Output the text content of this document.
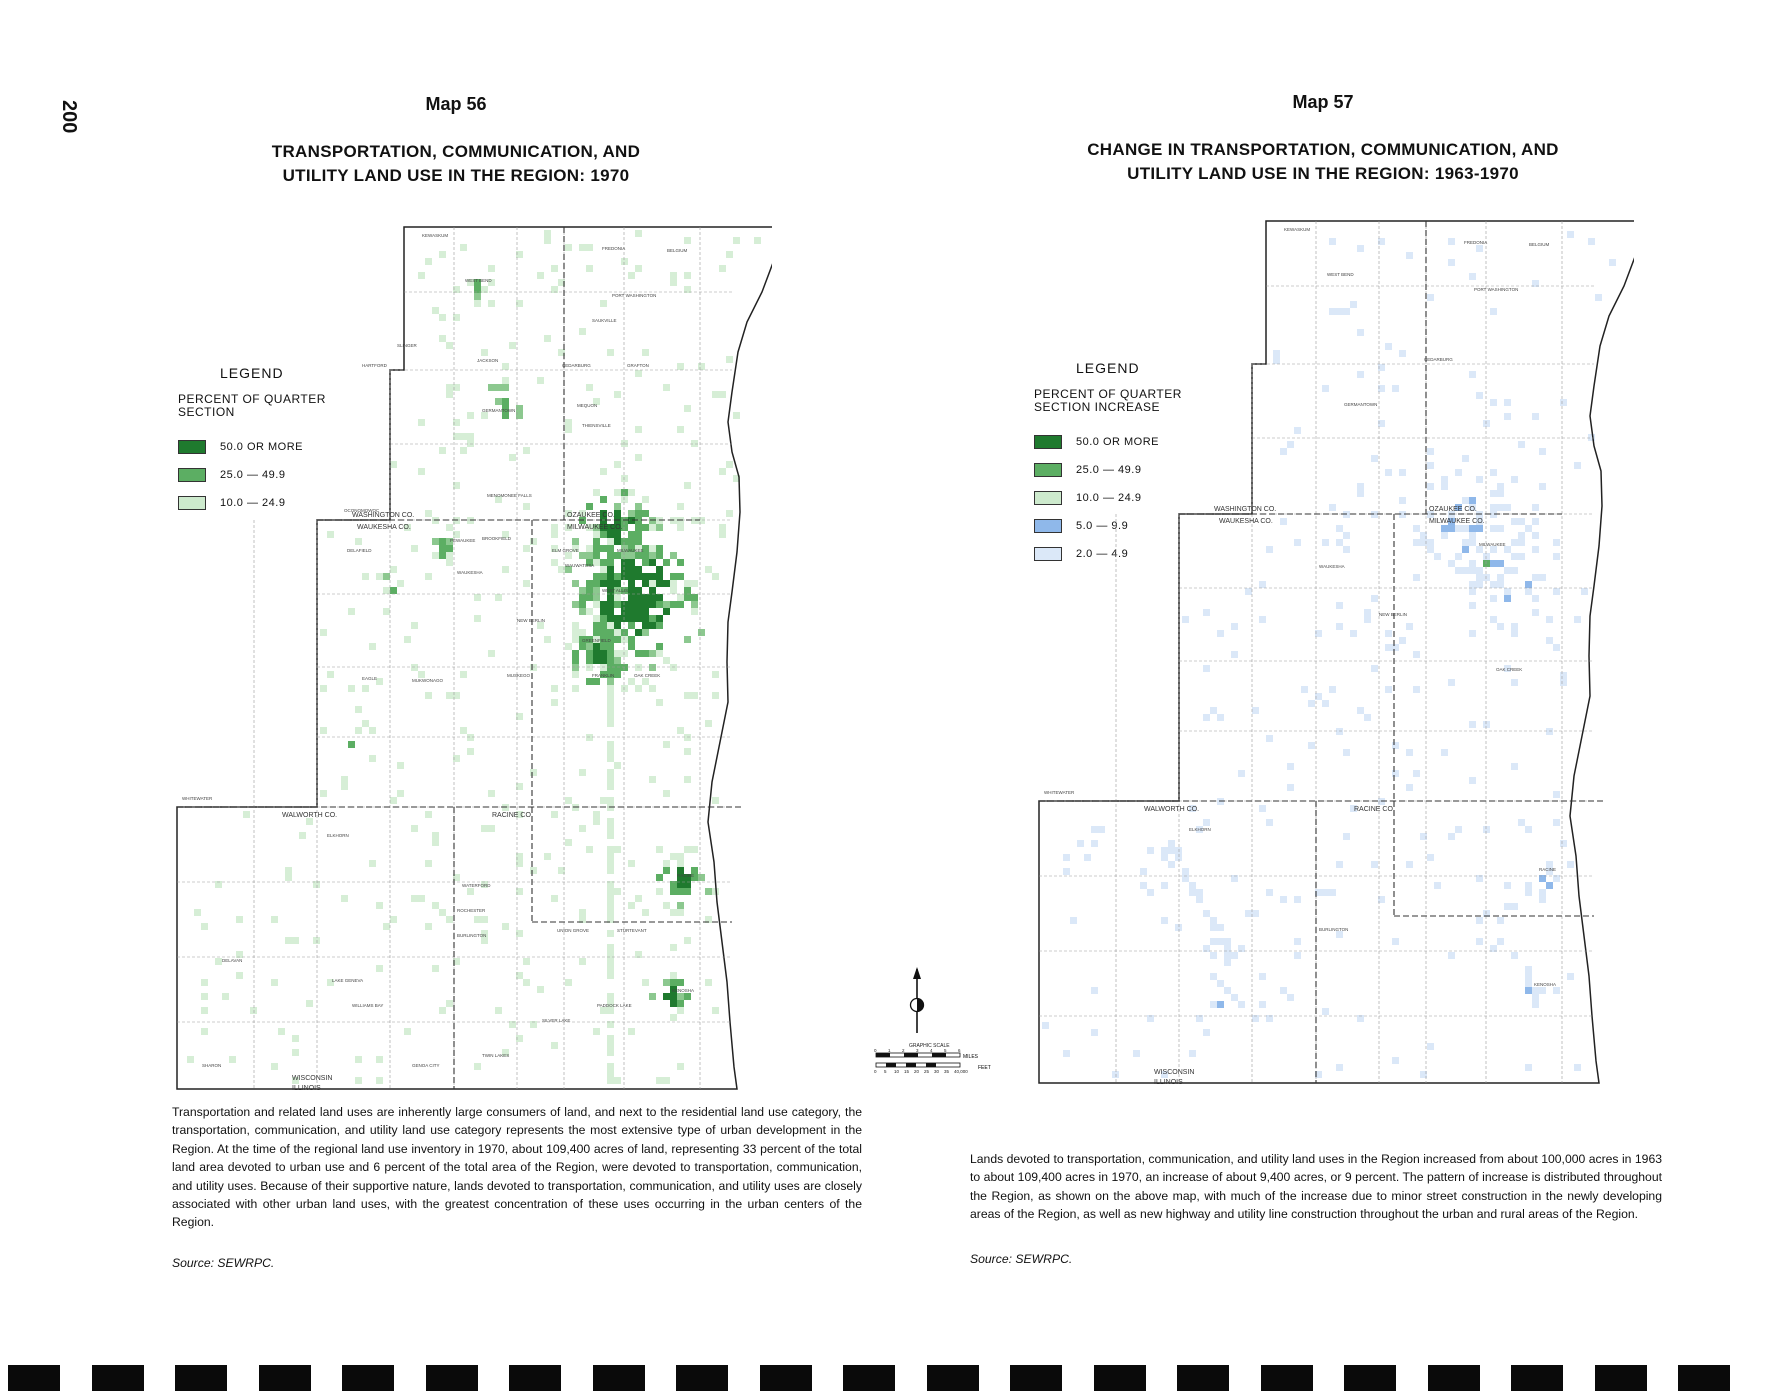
200	Map 56
TRANSPORTATION, COMMUNICATION, AND
UTILITY LAND USE IN THE REGION: 1970
LEGEND
PERCENT OF QUARTER
SECTION
50.0 OR MORE
25.0 — 49.9
10.0 — 24.9
WASHINGTON CO.	OZAUKEE CO.
WAUKESHA CO.	MILWAUKEE CO.
WALWORTH CO.	RACINE CO.
WISCONSIN
ILLINOIS
KEWASKUM
FREDONIA	BELGIUM
WEST BEND
PORT WASHINGTON
SAUKVILLE
GRAFTON
CEDARBURG
SLINGER
HARTFORD
JACKSON
GERMANTOWN
MEQUON
THIENSVILLE
MENOMONEE FALLS
BROOKFIELD
ELM GROVE
WAUWATOSA
MILWAUKEE
WEST ALLIS
GREENFIELD
NEW BERLIN
OAK CREEK
FRANKLIN
MUSKEGO
OCONOMOWOC
DELAFIELD
PEWAUKEE
WAUKESHA
MUKWONAGO
EAGLE
WHITEWATER
DELAVAN
ELKHORN
LAKE GENEVA
BURLINGTON
WATERFORD
ROCHESTER
UNION GROVE	STURTEVANT
RACINE
KENOSHA
PADDOCK LAKE
SILVER LAKE
TWIN LAKES
GENOA CITY
SHARON
WILLIAMS BAY
Transportation and related land uses are inherently large consumers of land, and next to the residential land use category, the transportation, communication, and utility land use category represents the most extensive type of urban development in the Region. At the time of the regional land use inventory in 1970, about 109,400 acres of land, representing 33 percent of the total land area devoted to urban use and 6 percent of the total area of the Region, were devoted to transportation, communication, and utility uses. Because of their supportive nature, lands devoted to transportation, communication, and utility uses are closely associated with other urban land uses, with the greatest concentration of these uses occurring in the urban centers of the Region.
Source: SEWRPC.
GRAPHIC SCALE
MILES
FEET
0	1	2	3	4	5	6
0 5 10 15 20 25 30 35 40,000
Map 57
CHANGE IN TRANSPORTATION, COMMUNICATION, AND
UTILITY LAND USE IN THE REGION: 1963-1970
LEGEND
PERCENT OF QUARTER
SECTION INCREASE
50.0 OR MORE
25.0 — 49.9
10.0 — 24.9
5.0 — 9.9
2.0 — 4.9
WASHINGTON CO.	OZAUKEE CO.
WAUKESHA CO.	MILWAUKEE CO.
WALWORTH CO.	RACINE CO.
WISCONSIN
ILLINOIS
KEWASKUM
FREDONIA	BELGIUM
WEST BEND
PORT WASHINGTON
CEDARBURG
GERMANTOWN
MILWAUKEE
NEW BERLIN
OAK CREEK
WAUKESHA
WHITEWATER
ELKHORN
BURLINGTON
RACINE
KENOSHA
Lands devoted to transportation, communication, and utility land uses in the Region increased from about 100,000 acres in 1963 to about 109,400 acres in 1970, an increase of about 9,400 acres, or 9 percent. The pattern of increase is distributed throughout the Region, as shown on the above map, with much of the increase due to minor street construction in the newly developing areas of the Region, as well as new highway and utility line construction throughout the urban and rural areas of the Region.
Source: SEWRPC.
